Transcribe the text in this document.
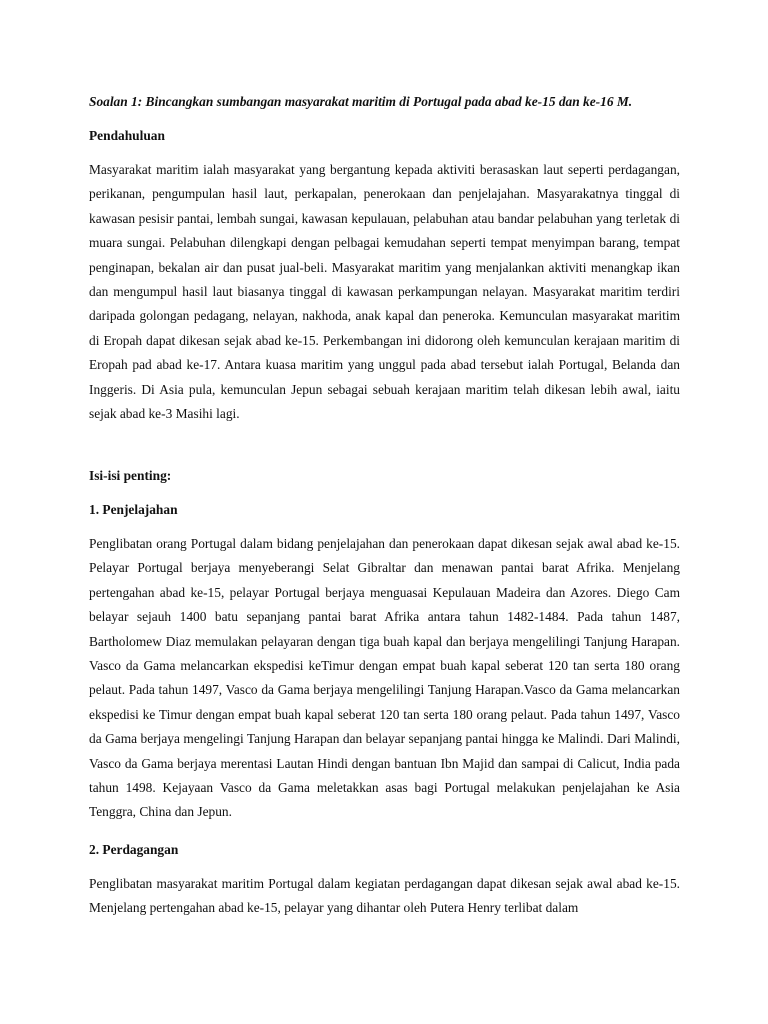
Soalan 1: Bincangkan sumbangan masyarakat maritim di Portugal pada abad ke-15 dan ke-16 M.
Pendahuluan

Masyarakat maritim ialah masyarakat yang bergantung kepada aktiviti berasaskan laut seperti perdagangan, perikanan, pengumpulan hasil laut, perkapalan, penerokaan dan penjelajahan. Masyarakatnya tinggal di kawasan pesisir pantai, lembah sungai, kawasan kepulauan, pelabuhan atau bandar pelabuhan yang terletak di muara sungai. Pelabuhan dilengkapi dengan pelbagai kemudahan seperti tempat menyimpan barang, tempat penginapan, bekalan air dan pusat jual-beli. Masyarakat maritim yang menjalankan aktiviti menangkap ikan dan mengumpul hasil laut biasanya tinggal di kawasan perkampungan nelayan. Masyarakat maritim terdiri daripada golongan pedagang, nelayan, nakhoda, anak kapal dan peneroka. Kemunculan masyarakat maritim di Eropah dapat dikesan sejak abad ke-15. Perkembangan ini didorong oleh kemunculan kerajaan maritim di Eropah pad abad ke-17. Antara kuasa maritim yang unggul pada abad tersebut ialah Portugal, Belanda dan Inggeris. Di Asia pula, kemunculan Jepun sebagai sebuah kerajaan maritim telah dikesan lebih awal, iaitu sejak abad ke-3 Masihi lagi.

Isi-isi penting:
1. Penjelajahan

Penglibatan orang Portugal dalam bidang penjelajahan dan penerokaan dapat dikesan sejak awal abad ke-15. Pelayar Portugal berjaya menyeberangi Selat Gibraltar dan menawan pantai barat Afrika. Menjelang pertengahan abad ke-15, pelayar Portugal berjaya menguasai Kepulauan Madeira dan Azores. Diego Cam belayar sejauh 1400 batu sepanjang pantai barat Afrika antara tahun 1482-1484. Pada tahun 1487, Bartholomew Diaz memulakan pelayaran dengan tiga buah kapal dan berjaya mengelilingi Tanjung Harapan. Vasco da Gama melancarkan ekspedisi keTimur dengan empat buah kapal seberat 120 tan serta 180 orang pelaut. Pada tahun 1497, Vasco da Gama berjaya mengelilingi Tanjung Harapan.Vasco da Gama melancarkan ekspedisi ke Timur dengan empat buah kapal seberat 120 tan serta 180 orang pelaut. Pada tahun 1497, Vasco da Gama berjaya mengelingi Tanjung Harapan dan belayar sepanjang pantai hingga ke Malindi. Dari Malindi, Vasco da Gama berjaya merentasi Lautan Hindi dengan bantuan Ibn Majid dan sampai di Calicut, India pada tahun 1498. Kejayaan Vasco da Gama meletakkan asas bagi Portugal melakukan penjelajahan ke Asia Tenggra, China dan Jepun.

2. Perdagangan

Penglibatan masyarakat maritim Portugal dalam kegiatan perdagangan dapat dikesan sejak awal abad ke-15. Menjelang pertengahan abad ke-15, pelayar yang dihantar oleh Putera Henry terlibat dalam
